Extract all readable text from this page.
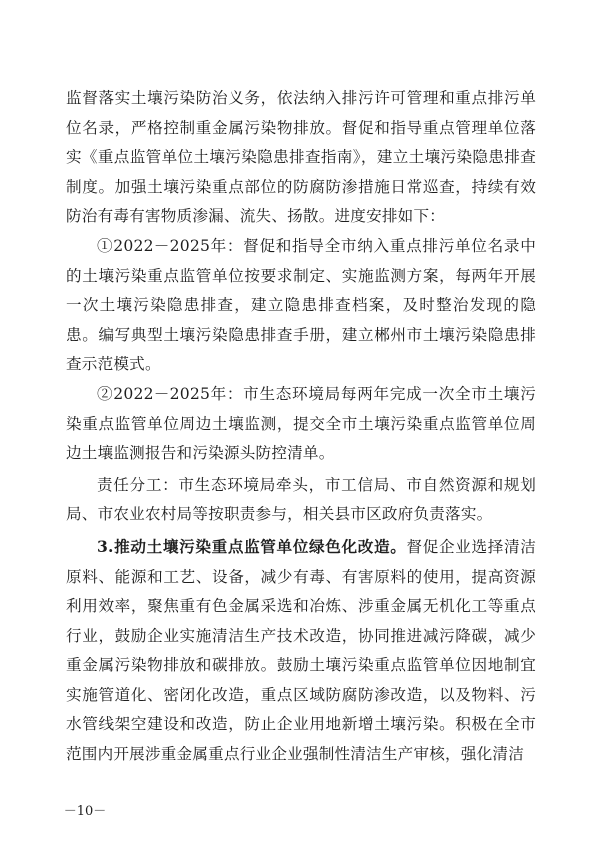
监督落实土壤污染防治义务，依法纳入排污许可管理和重点排污单位名录，严格控制重金属污染物排放。督促和指导重点管理单位落实《重点监管单位土壤污染隐患排查指南》，建立土壤污染隐患排查制度。加强土壤污染重点部位的防腐防渗措施日常巡查，持续有效防治有毒有害物质渗漏、流失、扬散。进度安排如下：

①2022－2025年：督促和指导全市纳入重点排污单位名录中的土壤污染重点监管单位按要求制定、实施监测方案，每两年开展一次土壤污染隐患排查，建立隐患排查档案，及时整治发现的隐患。编写典型土壤污染隐患排查手册，建立郴州市土壤污染隐患排查示范模式。

②2022－2025年：市生态环境局每两年完成一次全市土壤污染重点监管单位周边土壤监测，提交全市土壤污染重点监管单位周边土壤监测报告和污染源头防控清单。

责任分工：市生态环境局牵头，市工信局、市自然资源和规划局、市农业农村局等按职责参与，相关县市区政府负责落实。

3.推动土壤污染重点监管单位绿色化改造。督促企业选择清洁原料、能源和工艺、设备，减少有毒、有害原料的使用，提高资源利用效率，聚焦重有色金属采选和冶炼、涉重金属无机化工等重点行业，鼓励企业实施清洁生产技术改造，协同推进减污降碳，减少重金属污染物排放和碳排放。鼓励土壤污染重点监管单位因地制宜实施管道化、密闭化改造，重点区域防腐防渗改造，以及物料、污水管线架空建设和改造，防止企业用地新增土壤污染。积极在全市范围内开展涉重金属重点行业企业强制性清洁生产审核，强化清洁

－10－
